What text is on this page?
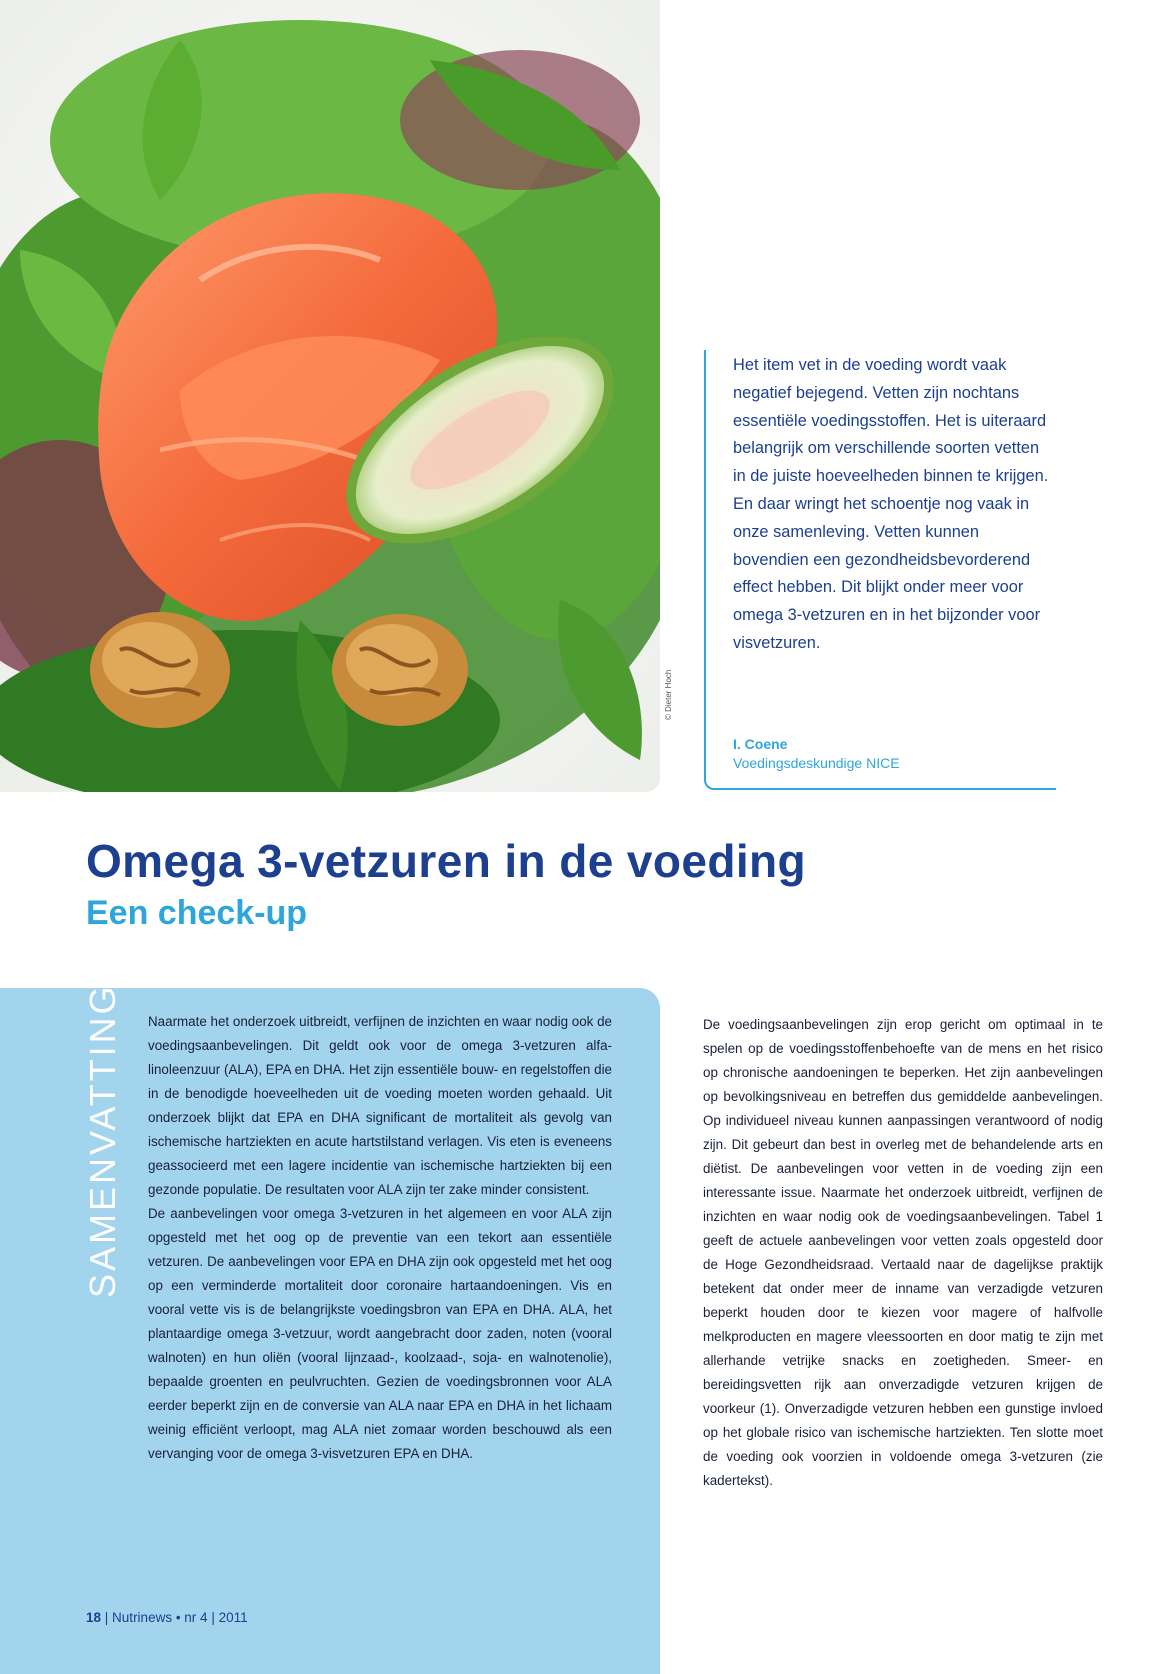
© Dieter Hoch

Het item vet in de voeding wordt vaak negatief bejegend. Vetten zijn nochtans essentiële voedingsstoffen. Het is uiteraard belangrijk om verschillende soorten vetten in de juiste hoeveelheden binnen te krijgen. En daar wringt het schoentje nog vaak in onze samenleving. Vetten kunnen bovendien een gezondheidsbevorderend effect hebben. Dit blijkt onder meer voor omega 3-vetzuren en in het bijzonder voor visvetzuren.

I. Coene
Voedingsdeskundige NICE
Omega 3-vetzuren in de voeding
Een check-up
SAMENVATTING Naarmate het onderzoek uitbreidt, verfijnen de inzichten en waar nodig ook de voedingsaanbevelingen. Dit geldt ook voor de omega 3-vetzuren alfa-linoleenzuur (ALA), EPA en DHA. Het zijn essentiële bouw- en regelstoffen die in de benodigde hoeveelheden uit de voeding moeten worden gehaald. Uit onderzoek blijkt dat EPA en DHA significant de mortaliteit als gevolg van ischemische hartziekten en acute hartstilstand verlagen. Vis eten is eveneens geassocieerd met een lagere incidentie van ischemische hartziekten bij een gezonde populatie. De resultaten voor ALA zijn ter zake minder consistent.

De aanbevelingen voor omega 3-vetzuren in het algemeen en voor ALA zijn opgesteld met het oog op de preventie van een tekort aan essentiële vetzuren. De aanbevelingen voor EPA en DHA zijn ook opgesteld met het oog op een verminderde mortaliteit door coronaire hartaandoeningen. Vis en vooral vette vis is de belangrijkste voedingsbron van EPA en DHA. ALA, het plantaardige omega 3-vetzuur, wordt aangebracht door zaden, noten (vooral walnoten) en hun oliën (vooral lijnzaad-, koolzaad-, soja- en walnotenolie), bepaalde groenten en peulvruchten. Gezien de voedingsbronnen voor ALA eerder beperkt zijn en de conversie van ALA naar EPA en DHA in het lichaam weinig efficiënt verloopt, mag ALA niet zomaar worden beschouwd als een vervanging voor de omega 3-visvetzuren EPA en DHA.

18 | Nutrinews • nr 4 | 2011

De voedingsaanbevelingen zijn erop gericht om optimaal in te spelen op de voedingsstoffenbehoefte van de mens en het risico op chronische aandoeningen te beperken. Het zijn aanbevelingen op bevolkingsniveau en betreffen dus gemiddelde aanbevelingen. Op individueel niveau kunnen aanpassingen verantwoord of nodig zijn. Dit gebeurt dan best in overleg met de behandelende arts en diëtist. De aanbevelingen voor vetten in de voeding zijn een interessante issue. Naarmate het onderzoek uitbreidt, verfijnen de inzichten en waar nodig ook de voedingsaanbevelingen. Tabel 1 geeft de actuele aanbevelingen voor vetten zoals opgesteld door de Hoge Gezondheidsraad. Vertaald naar de dagelijkse praktijk betekent dat onder meer de inname van verzadigde vetzuren beperkt houden door te kiezen voor magere of halfvolle melkproducten en magere vleessoorten en door matig te zijn met allerhande vetrijke snacks en zoetigheden. Smeer- en bereidingsvetten rijk aan onverzadigde vetzuren krijgen de voorkeur (1). Onverzadigde vetzuren hebben een gunstige invloed op het globale risico van ischemische hartziekten. Ten slotte moet de voeding ook voorzien in voldoende omega 3-vetzuren (zie kadertekst).
